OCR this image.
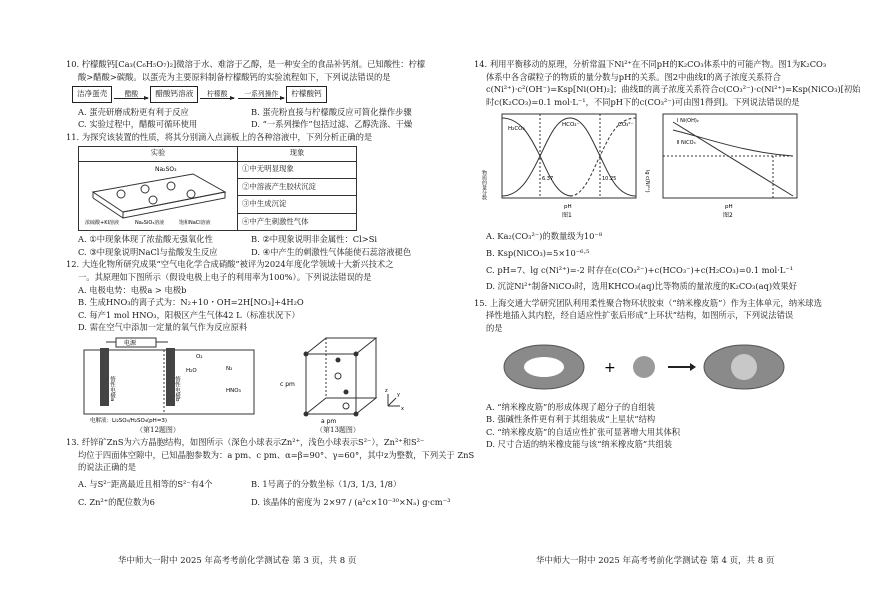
10. 柠檬酸钙[Ca₃(C₆H₅O₇)₂]微溶于水、难溶于乙醇，是一种安全的食品补钙剂。已知酸性：柠檬
酸>醋酸>碳酸。以蛋壳为主要原料制备柠檬酸钙的实验流程如下，下列说法错误的是
洁净蛋壳	醋酸	醋酸钙溶液	柠檬酸 一系列操作	柠檬酸钙
A. 蛋壳研磨成粉更有利于反应	B. 蛋壳粉直接与柠檬酸反应可简化操作步骤
C. 实验过程中，醋酸可循环使用	D. “一系列操作”包括过滤、乙醇洗涤、干燥
11. 为探究该装置的性质，将其分别滴入点滴板上的各种溶液中，下列分析正确的是
实验	现象

Na₂SO₃
浓硫酸+KI溶液 Na₂SiO₃溶液 饱和NaCl溶液	①中无明显现象
	②中溶液产生胶状沉淀
	③中生成沉淀
	④中产生刺激性气体
A. ①中现象体现了浓盐酸无强氧化性	B. ②中现象说明非金属性：Cl>Si
C. ③中现象说明NaCl与盐酸发生反应	D. ④中产生的刺激性气体能使石蕊溶液褪色
12. 大连化物所研究成果“空气电化学合成硝酸”被评为2024年度化学领域十大新兴技术之
一。其原理如下图所示（假设电极上电子的利用率为100%）。下列说法错误的是
A. 电极电势：电极a > 电极b
B. 生成HNO₃的离子式为：N₂+10・OH=2H[NO₃]+4H₂O
C. 每产1 mol HNO₃，阳极区产生气体42 L（标准状况下）
D. 需在空气中添加一定量的氧气作为反应原料
电源
惰性电极a	惰性电极b
O₂
H₂O	N₂
HNO₃
电解液：Li₂SO₄/H₂SO₄(pH=3)
（第12题图）
c pm
a pm
x
y
z
（第13题图）
13. 纤锌矿ZnS为六方晶胞结构，如图所示（深色小球表示Zn²⁺，浅色小球表示S²⁻），Zn²⁺和S²⁻
均位于四面体空隙中，已知晶胞参数为：a pm、c pm、α=β=90°、γ=60°，其中z为整数，下列关于 ZnS
的说法正确的是
A. 与S²⁻距离最近且相等的S²⁻有4个	B. 1号离子的分数坐标（1/3, 1/3, 1/8）
C. Zn²⁺的配位数为6	D. 该晶体的密度为 2×97 / (a²c×10⁻³⁰×Nₐ) g·cm⁻³
华中师大一附中 2025 年高考考前化学测试卷 第 3 页，共 8 页
14. 利用平衡移动的原理，分析常温下Ni²⁺在不同pH的K₂CO₃体系中的可能产物。图1为K₂CO₃
体系中各含碳粒子的物质的量分数与pH的关系。图2中曲线Ⅰ的离子浓度关系符合
c(Ni²⁺)·c²(OH⁻)=Ksp[Ni(OH)₂]；曲线Ⅱ的离子浓度关系符合c(CO₃²⁻)·c(Ni²⁺)=Ksp(NiCO₃)[初始
时c(K₂CO₃)=0.1 mol·L⁻¹，不同pH下的c(CO₃²⁻)可由图1得到]。下列说法错误的是
H₂CO₃
HCO₃⁻	CO₃²⁻
6.37	10.25
物质的量分数
pH
图1
Ⅰ Ni(OH)₂
Ⅱ NiCO₃
lg c(Ni²⁺)
pH
图2
A. Ka₂(CO₃²⁻)的数量级为10⁻⁸
B. Ksp(NiCO₃)=5×10⁻⁶·⁵
C. pH=7、lg c(Ni²⁺)=-2 时存在c(CO₃²⁻)+c(HCO₃⁻)+c(H₂CO₃)=0.1 mol·L⁻¹
D. 沉淀Ni²⁺制备NiCO₃时，选用KHCO₃(aq)比等物质的量浓度的K₂CO₃(aq)效果好
15. 上海交通大学研究团队利用柔性聚合物环状胶束（“纳米橡皮筋”）作为主体单元，纳米球选
择性地插入其内腔，经自适应性扩张后形成“上环状”结构，如图所示，下列说法错误
的是
+
A. “纳米橡皮筋”的形成体现了超分子的自组装
B. 强碱性条件更有利于其组装成“上星状”结构
C. “纳米橡皮筋”的自适应性扩张可显著增大用其体积
D. 尺寸合适的纳米橡皮能与该“纳米橡皮筋”共组装
华中师大一附中 2025 年高考考前化学测试卷 第 4 页，共 8 页
